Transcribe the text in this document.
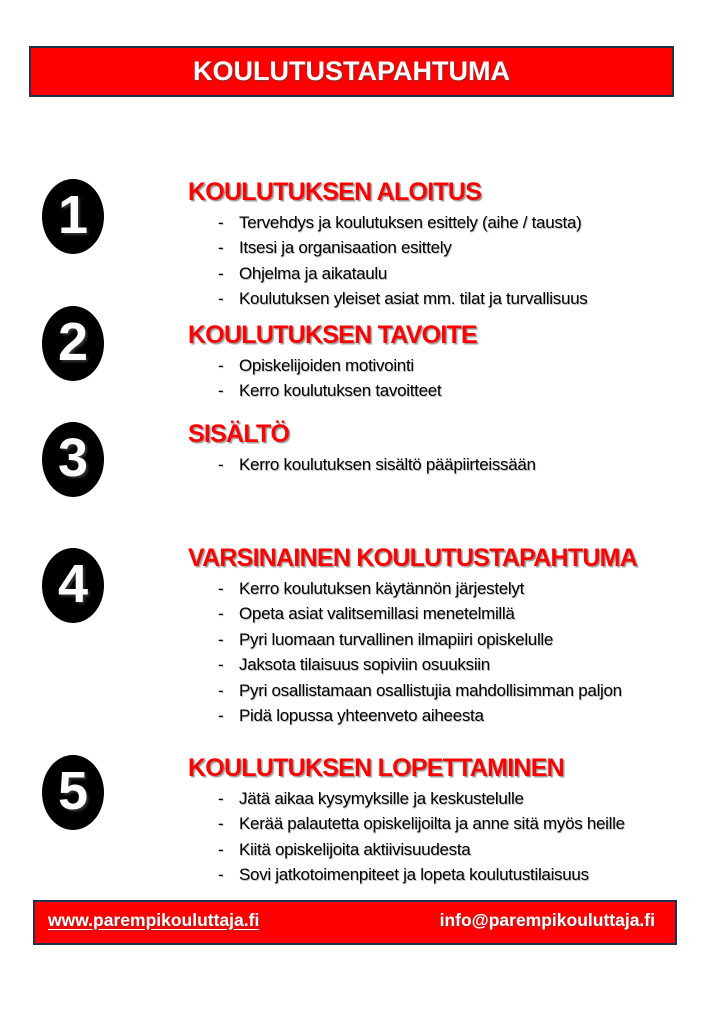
KOULUTUSTAPAHTUMA
1	KOULUTUKSEN ALOITUS
- Tervehdys ja koulutuksen esittely (aihe / tausta)
- Itsesi ja organisaation esittely
- Ohjelma ja aikataulu
- Koulutuksen yleiset asiat mm. tilat ja turvallisuus
2	KOULUTUKSEN TAVOITE
- Opiskelijoiden motivointi
- Kerro koulutuksen tavoitteet
3	SISÄLTÖ
- Kerro koulutuksen sisältö pääpiirteissään
4	VARSINAINEN KOULUTUSTAPAHTUMA
- Kerro koulutuksen käytännön järjestelyt
- Opeta asiat valitsemillasi menetelmillä
- Pyri luomaan turvallinen ilmapiiri opiskelulle
- Jaksota tilaisuus sopiviin osuuksiin
- Pyri osallistamaan osallistujia mahdollisimman paljon
- Pidä lopussa yhteenveto aiheesta
5	KOULUTUKSEN LOPETTAMINEN
- Jätä aikaa kysymyksille ja keskustelulle
- Kerää palautetta opiskelijoilta ja anne sitä myös heille
- Kiitä opiskelijoita aktiivisuudesta
- Sovi jatkotoimenpiteet ja lopeta koulutustilaisuus
www.parempikouluttaja.fi	info@parempikouluttaja.fi
